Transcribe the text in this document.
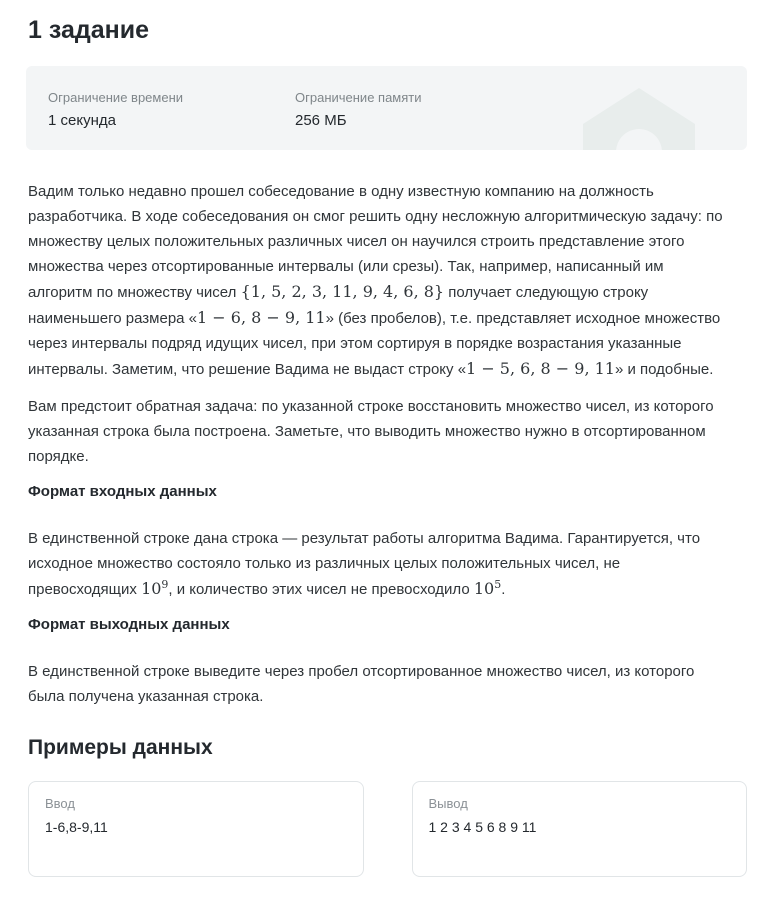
1 задание
Ограничение времени
1 секунда
Ограничение памяти
256 МБ

Вадим только недавно прошел собеседование в одну известную компанию на должность разработчика. В ходе собеседования он смог решить одну несложную алгоритмическую задачу: по множеству целых положительных различных чисел он научился строить представление этого множества через отсортированные интервалы (или срезы). Так, например, написанный им алгоритм по множеству чисел {1, 5, 2, 3, 11, 9, 4, 6, 8} получает следующую строку наименьшего размера «1 − 6, 8 − 9, 11» (без пробелов), т.е. представляет исходное множество через интервалы подряд идущих чисел, при этом сортируя в порядке возрастания указанные интервалы. Заметим, что решение Вадима не выдаст строку «1 − 5, 6, 8 − 9, 11» и подобные.

Вам предстоит обратная задача: по указанной строке восстановить множество чисел, из которого указанная строка была построена. Заметьте, что выводить множество нужно в отсортированном порядке.

Формат входных данных

В единственной строке дана строка — результат работы алгоритма Вадима. Гарантируется, что исходное множество состояло только из различных целых положительных чисел, не превосходящих $10^9$, и количество этих чисел не превосходило $10^5$.

Формат выходных данных

В единственной строке выведите через пробел отсортированное множество чисел, из которого была получена указанная строка.

Примеры данных
Ввод
1-6,8-9,11
Вывод
1 2 3 4 5 6 8 9 11
